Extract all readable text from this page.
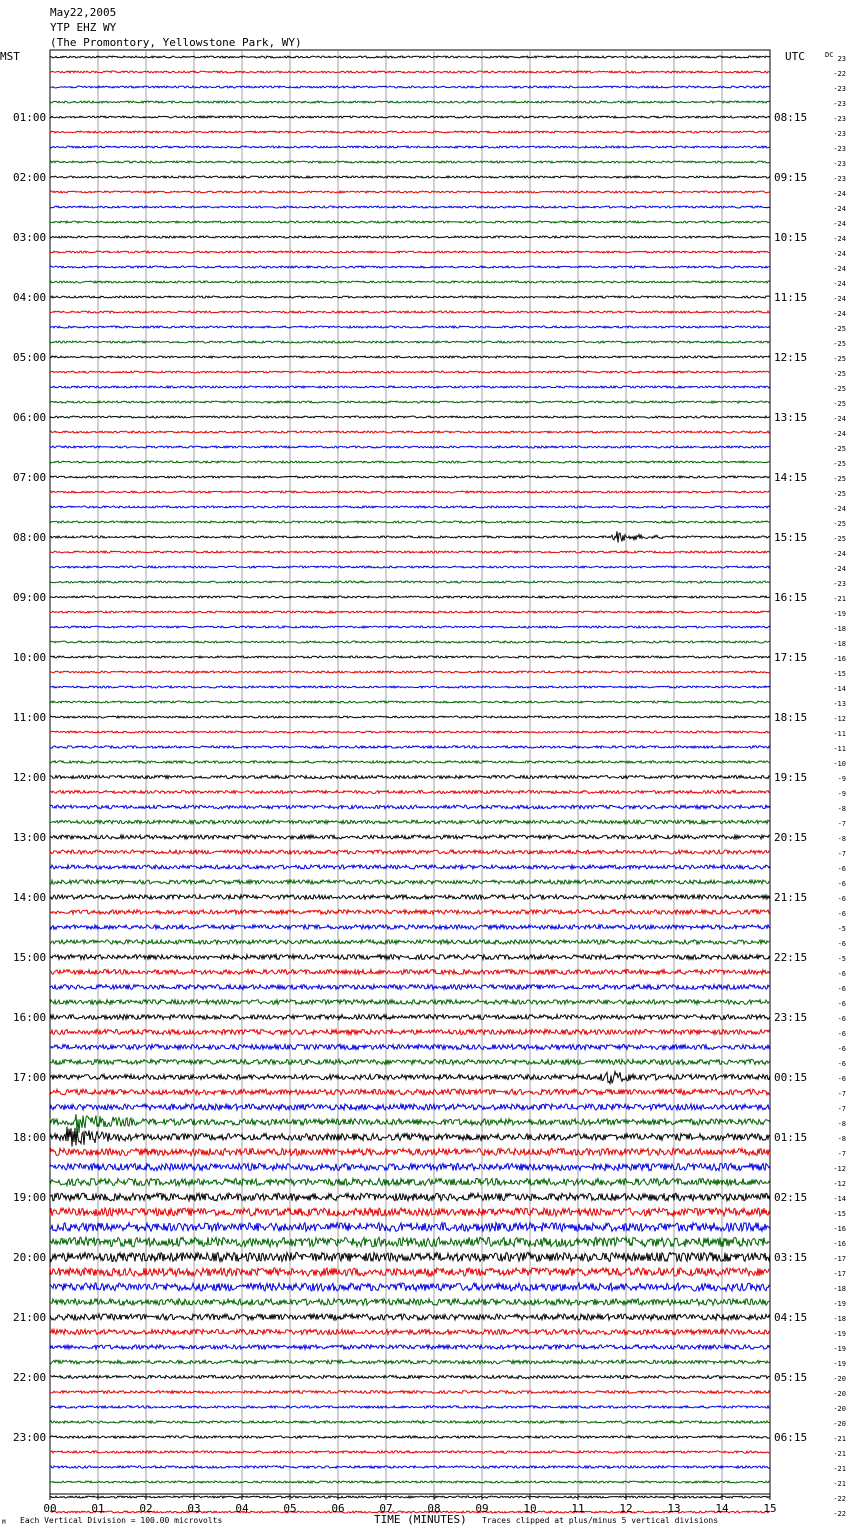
May22,2005
YTP EHZ WY
(The Promontory, Yellowstone Park, WY)
MST	UTC	DC
01:00
02:00
03:00
04:00
05:00
06:00
07:00
08:00
09:00
10:00
11:00
12:00
13:00
14:00
15:00
16:00
17:00
18:00
19:00
20:00
21:00
22:00
23:00
08:15
09:15
10:15
11:15
12:15
13:15
14:15
15:15
16:15
17:15
18:15
19:15
20:15
21:15
22:15
23:15
00:15
01:15
02:15
03:15
04:15
05:15
06:15
23
-22
-23
-23
-23
-23
-23
-23
-23
-24
-24
-24
-24
-24
-24
-24
-24
-24
-25
-25
-25
-25
-25
-25
-24
-24
-25
-25
-25
-25
-24
-25
-25
-24
-24
-23
-21
-19
-18
-18
-16
-15
-14
-13
-12
-11
-11
-10
-9
-9
-8
-7
-8
-7
-6
-6
-6
-6
-5
-6
-5
-6
-6
-6
-6
-6
-6
-6
-6
-7
-7
-8
-8
-7
-12
-12
-14
-15
-16
-16
-17
-17
-18
-19
-18
-19
-19
-19
-20
-20
-20
-20
-21
-21
-21
-21
-22
-22
00	01	02	03	04	05	06	07	08	09	10	11	12	13	14	15
M Each Vertical Division = 100.00 microvolts	TIME (MINUTES) Traces clipped at plus/minus 5 vertical divisions
